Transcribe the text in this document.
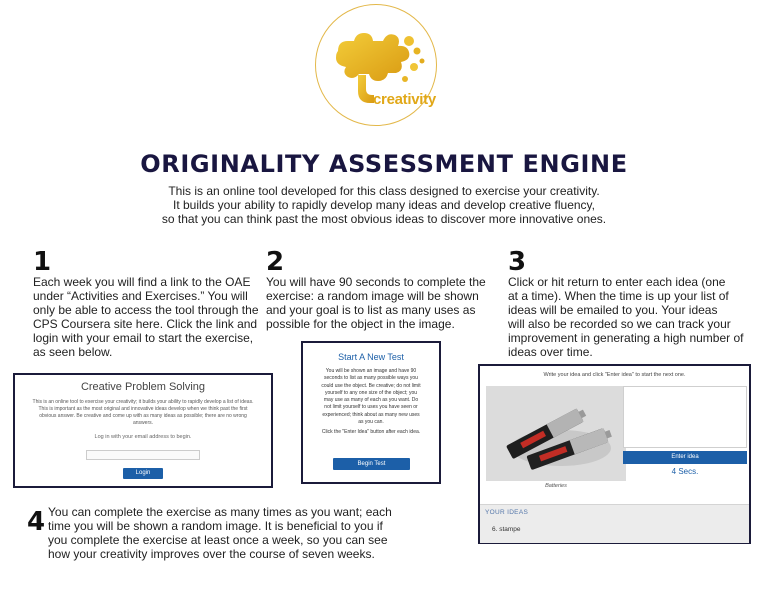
creativity
ORIGINALITY ASSESSMENT ENGINE
This is an online tool developed for this class designed to exercise your creativity.
It builds your ability to rapidly develop many ideas and develop creative fluency,
so that you can think past the most obvious ideas to discover more innovative ones.
1
Each week you will find a link to the OAE
under “Activities and Exercises.” You will
only be able to access the tool through the
CPS Coursera site here. Click the link and
login with your email to start the exercise,
as seen below.
2
You will have 90 seconds to complete the
exercise: a random image will be shown
and your goal is to list as many uses as
possible for the object in the image.
3
Click or hit return to enter each idea (one
at a time). When the time is up your list of
ideas will be emailed to you. Your ideas
will also be recorded so we can track your
improvement in generating a high number of
ideas over time.
4 You can complete the exercise as many times as you want; each
time you will be shown a random image. It is beneficial to you if
you complete the exercise at least once a week, so you can see
how your creativity improves over the course of seven weeks.
Creative Problem Solving
This is an online tool to exercise your creativity; it builds your ability to rapidly develop a list of ideas.
This is important as the most original and innovative ideas develop when we think past the first
obvious answer. Be creative and come up with as many ideas as possible; there are no wrong
answers.
Log in with your email address to begin.
Login
Start A New Test
You will be shown an image and have 90
seconds to list as many possible ways you
could use the object. Be creative; do not limit
yourself to any one size of the object; you
may use as many of each as you want. Do
not limit yourself to uses you have seen or
experienced; think about as many new uses
as you can.
Click the "Enter Idea" button after each idea.
Begin Test
Write your idea and click "Enter idea" to start the next one.
Batteries
Enter idea
4 Secs.
YOUR IDEAS
6. stampe
